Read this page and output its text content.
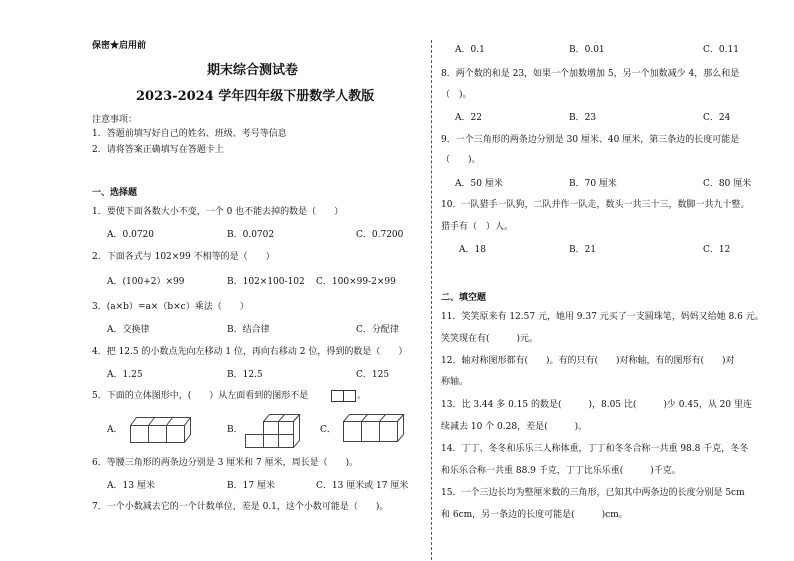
保密★启用前
期末综合测试卷
2023-2024 学年四年级下册数学人教版
注意事项：
1．答题前填写好自己的姓名、班级、考号等信息
2．请将答案正确填写在答题卡上
一、选择题
1．要使下面各数大小不变，一个 0 也不能去掉的数是（　　）
A．0.0720	B．0.0702	C．0.7200
2．下面各式与 102×99 不相等的是（　　）
A．(100+2）×99	B．102×100-102 C．100×99-2×99
3．(a×b）=a×（b×c）乘法（　　）
A．交换律	B．结合律	C．分配律
4．把 12.5 的小数点先向左移动 1 位，再向右移动 2 位，得到的数是（　　）
A．1.25	B．12.5	C．125
5．下面的立体图形中，(　　）从左面看到的图形不是	。
A．	B．	C．
6．等腰三角形的两条边分别是 3 厘米和 7 厘米，周长是（　　)。
A．13 厘米	B．17 厘米	C．13 厘米或 17 厘米
7．一个小数减去它的一个计数单位，差是 0.1，这个小数可能是（　　)。
A．0.1	B．0.01	C．0.11
8．两个数的和是 23，如果一个加数增加 5，另一个加数减少 4，那么和是
（　)。
A．22	B．23	C．24
9．一个三角形的两条边分别是 30 厘米、40 厘米，第三条边的长度可能是
（　　)。
A．50 厘米	B．70 厘米	C．80 厘米
10．一队猎手一队狗，二队并作一队走，数头一共三十三，数脚一共九十整。
猎手有（　）人。
A．18	B．21	C．12
二、填空题
11．笑笑原来有 12.57 元，她用 9.37 元买了一支圆珠笔，妈妈又给她 8.6 元。
笑笑现在有(　　　)元。
12．轴对称图形都有(　　)。有的只有(　　)对称轴，有的图形有(　　)对
称轴。
13．比 3.44 多 0.15 的数是(　　　)，8.05 比(　　　)少 0.45，从 20 里连
续减去 10 个 0.28，差是(　　　)。
14．丁丁、冬冬和乐乐三人称体重，丁丁和冬冬合称一共重 98.8 千克，冬冬
和乐乐合称一共重 88.9 千克，丁丁比乐乐重(　　　)千克。
15．一个三边长均为整厘米数的三角形，已知其中两条边的长度分别是 5cm
和 6cm，另一条边的长度可能是(　　　)cm。
